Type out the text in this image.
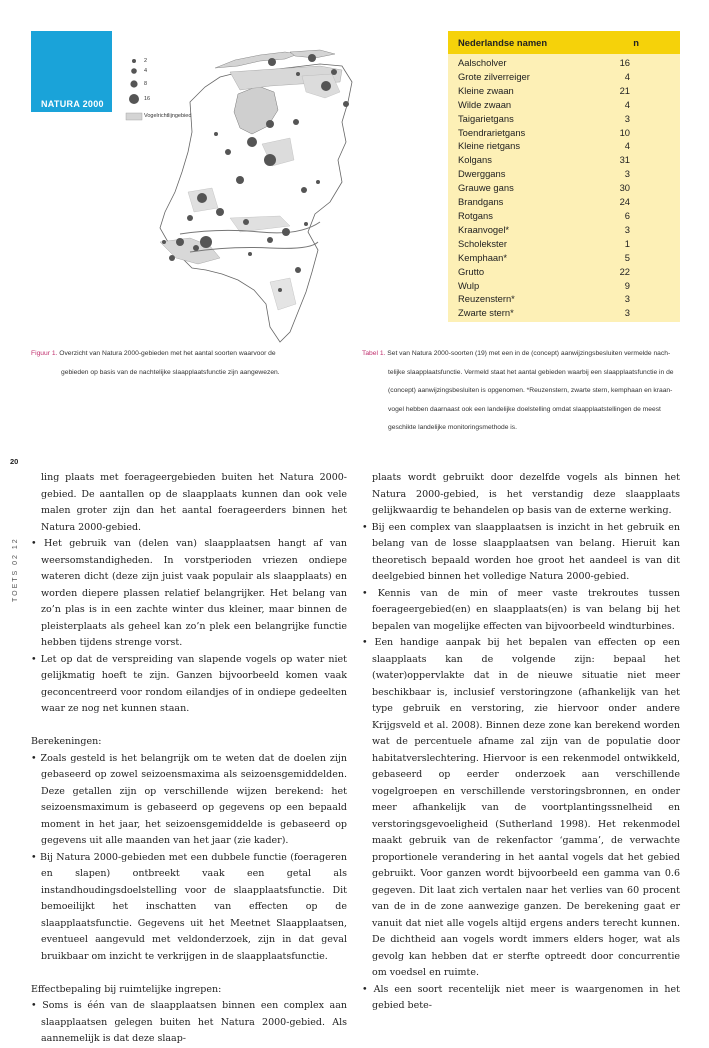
NATURA 2000
2
4
8
16
Vogelrichtlijngebied
Figuur 1. Overzicht van Natura 2000-gebieden met het aantal soorten waarvoor de
gebieden op basis van de nachtelijke slaapplaatsfunctie zijn aangewezen.
Nederlandse namen	n
Aalscholver	16
Grote zilverreiger	4
Kleine zwaan	21
Wilde zwaan	4
Taigarietgans	3
Toendrarietgans	10
Kleine rietgans	4
Kolgans	31
Dwerggans	3
Grauwe gans	30
Brandgans	24
Rotgans	6
Kraanvogel*	3
Scholekster	1
Kemphaan*	5
Grutto	22
Wulp	9
Reuzenstern*	3
Zwarte stern*	3
Tabel 1. Set van Natura 2000-soorten (19) met een in de (concept) aanwijzingsbesluiten vermelde nach-
telijke slaapplaatsfunctie. Vermeld staat het aantal gebieden waarbij een slaapplaatsfunctie in de
(concept) aanwijzingsbesluiten is opgenomen. *Reuzenstern, zwarte stern, kemphaan en kraan-
vogel hebben daarnaast ook een landelijke doelstelling omdat slaapplaatstellingen de meest
geschikte landelijke monitoringsmethode is.
20
TOETS 02 12

ling plaats met foerageergebieden buiten het Natura 2000-gebied. De aantallen op de slaapplaats kunnen dan ook vele malen groter zijn dan het aantal foerageerders binnen het Natura 2000-gebied.

• Het gebruik van (delen van) slaapplaatsen hangt af van weersomstandigheden. In vorstperioden vriezen ondiepe wateren dicht (deze zijn juist vaak populair als slaapplaats) en worden diepere plassen relatief belangrijker. Het belang van zo’n plas is in een zachte winter dus kleiner, maar binnen de pleisterplaats als geheel kan zo’n plek een belangrijke functie hebben tijdens strenge vorst.

• Let op dat de verspreiding van slapende vogels op water niet gelijkmatig hoeft te zijn. Ganzen bijvoorbeeld komen vaak geconcentreerd voor rondom eilandjes of in ondiepe gedeelten waar ze nog net kunnen staan.

Berekeningen:

• Zoals gesteld is het belangrijk om te weten dat de doelen zijn gebaseerd op zowel seizoensmaxima als seizoensgemiddelden. Deze getallen zijn op verschillende wijzen berekend: het seizoensmaximum is gebaseerd op gegevens op een bepaald moment in het jaar, het seizoensgemiddelde is gebaseerd op gegevens uit alle maanden van het jaar (zie kader).

• Bij Natura 2000-gebieden met een dubbele functie (foerageren en slapen) ontbreekt vaak een getal als instandhoudingsdoelstelling voor de slaapplaatsfunctie. Dit bemoeilijkt het inschatten van effecten op de slaapplaatsfunctie. Gegevens uit het Meetnet Slaapplaatsen, eventueel aangevuld met veldonderzoek, zijn in dat geval bruikbaar om inzicht te verkrijgen in de slaapplaatsfunctie.

Effectbepaling bij ruimtelijke ingrepen:

• Soms is één van de slaapplaatsen binnen een complex aan slaapplaatsen gelegen buiten het Natura 2000-gebied. Als aannemelijk is dat deze slaap-

plaats wordt gebruikt door dezelfde vogels als binnen het Natura 2000-gebied, is het verstandig deze slaapplaats gelijkwaardig te behandelen op basis van de externe werking.

• Bij een complex van slaapplaatsen is inzicht in het gebruik en belang van de losse slaapplaatsen van belang. Hieruit kan theoretisch bepaald worden hoe groot het aandeel is van dit deelgebied binnen het volledige Natura 2000-gebied.

• Kennis van de min of meer vaste trekroutes tussen foerageergebied(en) en slaapplaats(en) is van belang bij het bepalen van mogelijke effecten van bijvoorbeeld windturbines.

• Een handige aanpak bij het bepalen van effecten op een slaapplaats kan de volgende zijn: bepaal het (water)oppervlakte dat in de nieuwe situatie niet meer beschikbaar is, inclusief verstoringzone (afhankelijk van het type gebruik en verstoring, zie hiervoor onder andere Krijgsveld et al. 2008). Binnen deze zone kan berekend worden wat de percentuele afname zal zijn van de populatie door habitatverslechtering. Hiervoor is een rekenmodel ontwikkeld, gebaseerd op eerder onderzoek aan verschillende vogelgroepen en verschillende verstoringsbronnen, en onder meer afhankelijk van de voortplantingssnelheid en verstoringsgevoeligheid (Sutherland 1998). Het rekenmodel maakt gebruik van de rekenfactor ‘gamma’, de verwachte proportionele verandering in het aantal vogels dat het gebied gebruikt. Voor ganzen wordt bijvoorbeeld een gamma van 0.6 gegeven. Dit laat zich vertalen naar het verlies van 60 procent van de in de zone aanwezige ganzen. De berekening gaat er vanuit dat niet alle vogels altijd ergens anders terecht kunnen. De dichtheid aan vogels wordt immers elders hoger, wat als gevolg kan hebben dat er sterfte optreedt door concurrentie om voedsel en ruimte.

• Als een soort recentelijk niet meer is waargenomen in het gebied bete-
